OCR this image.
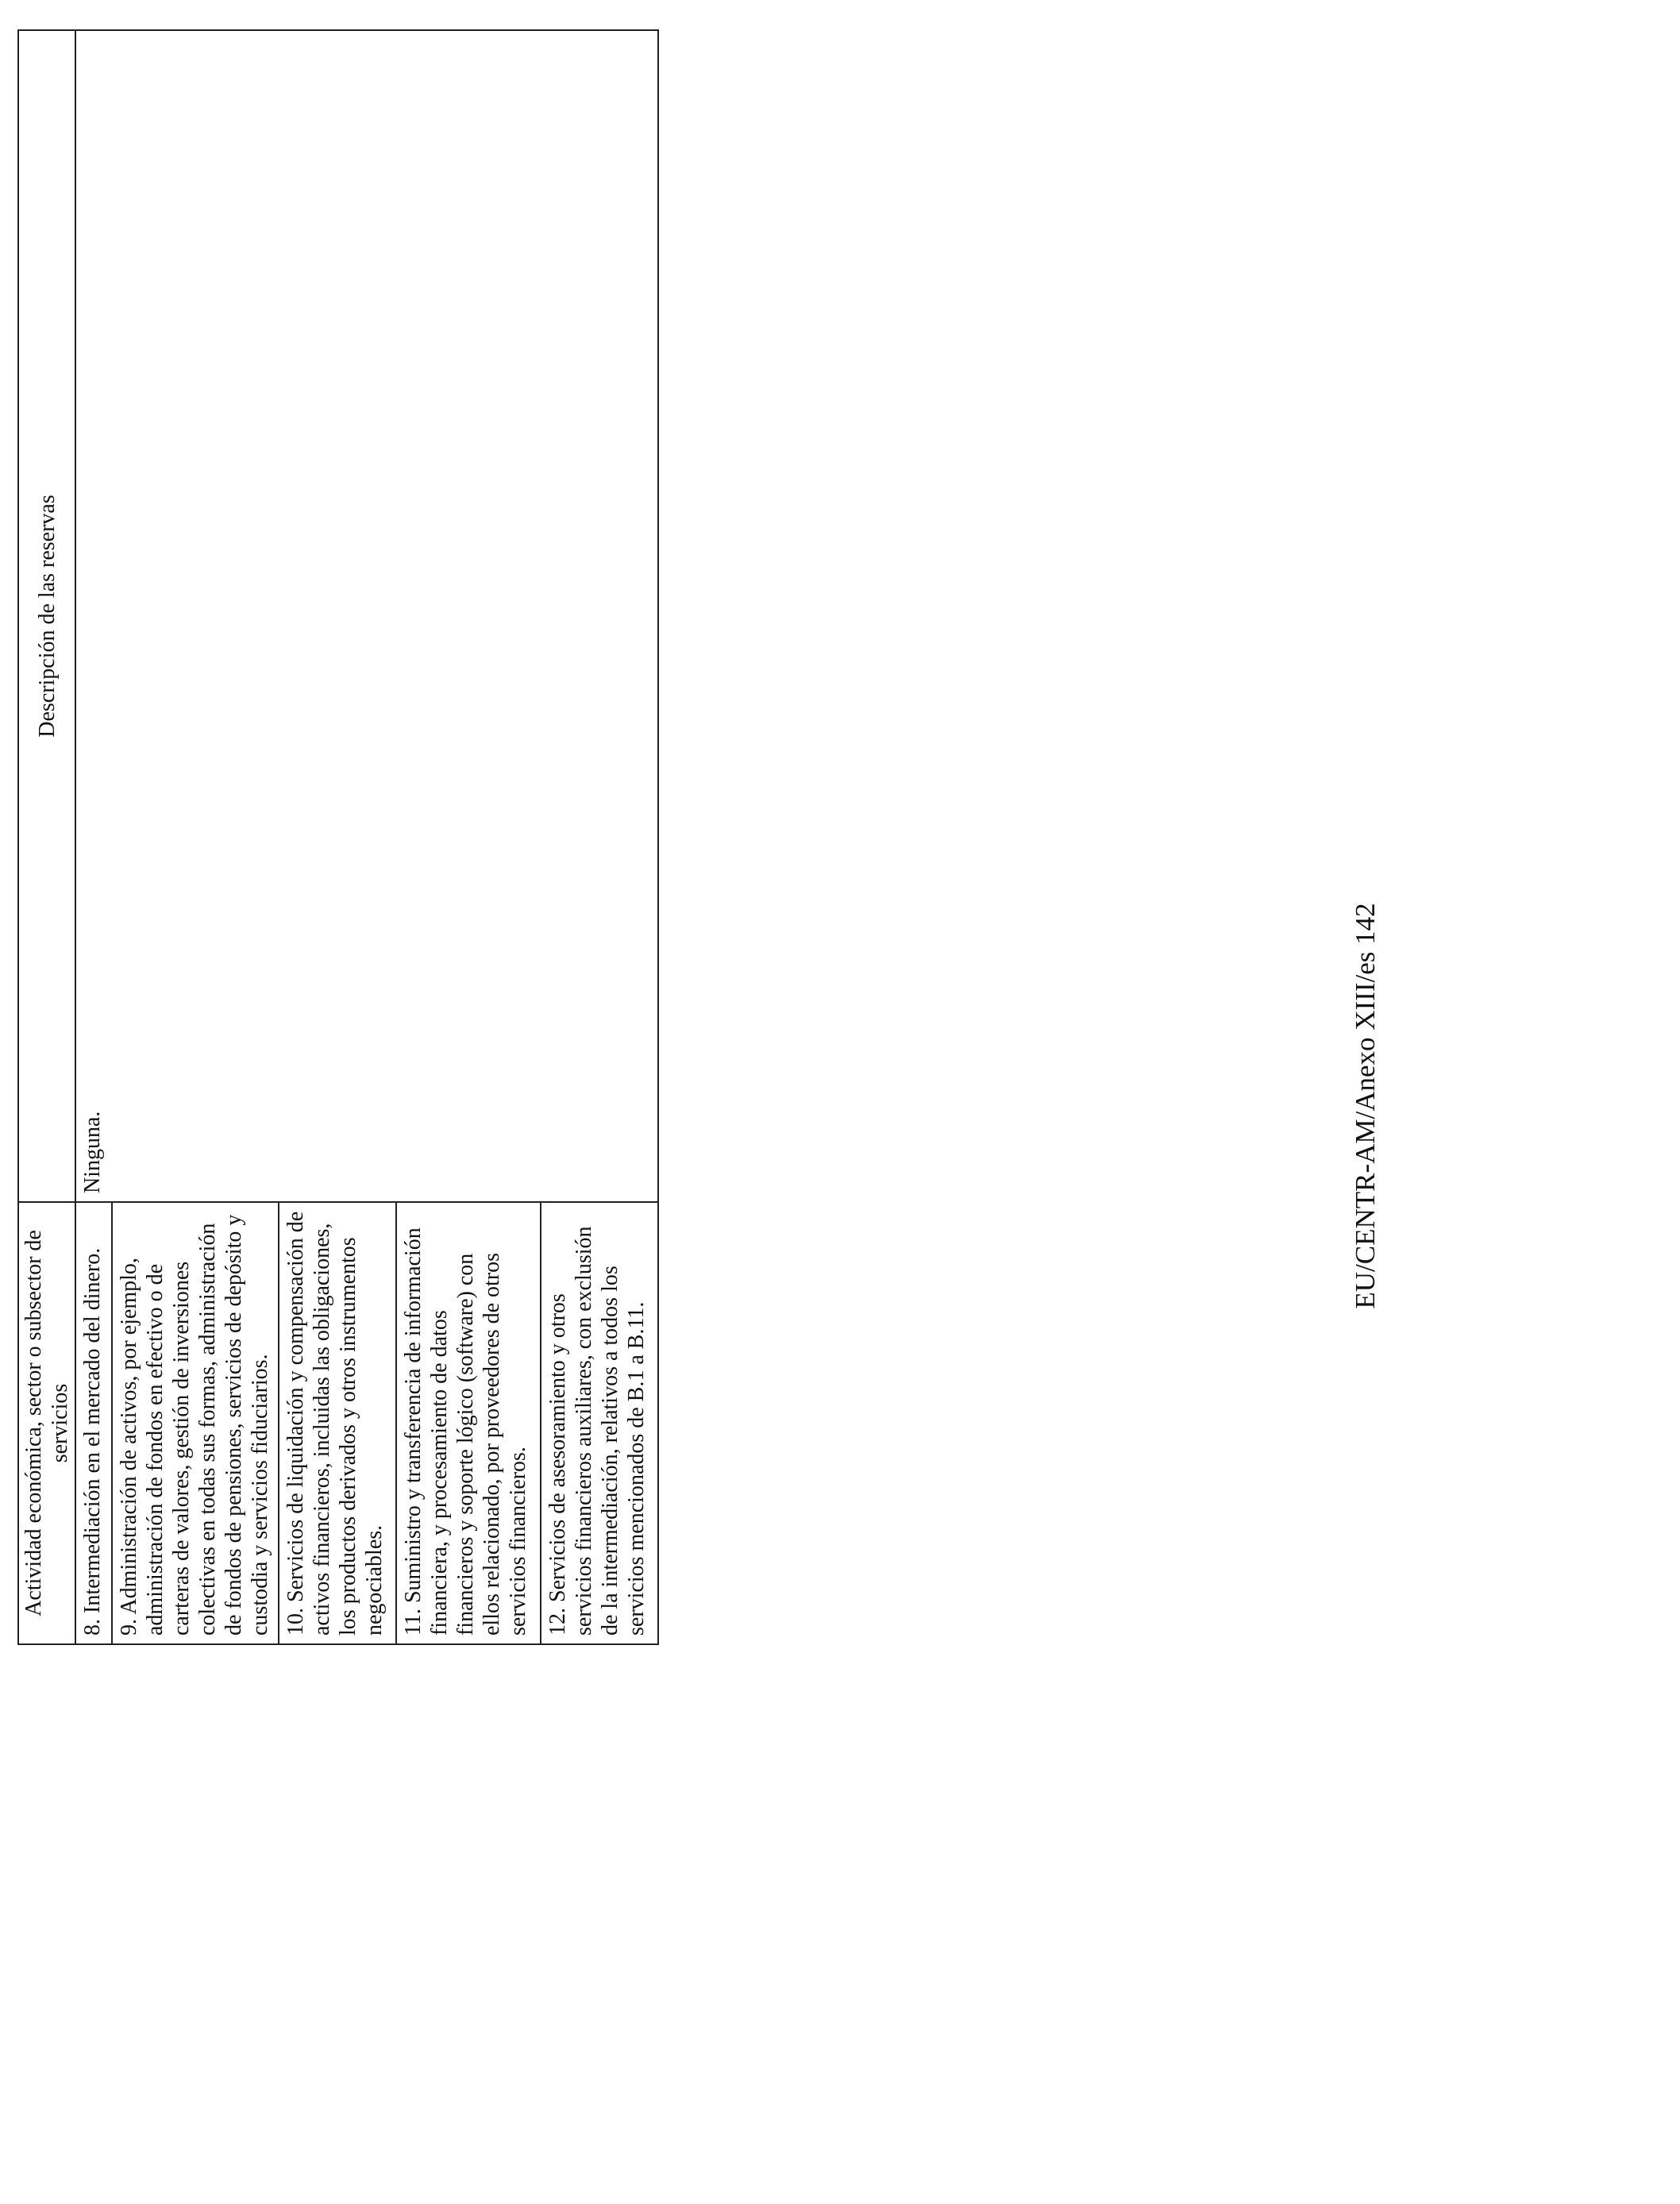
Actividad económica, sector o subsector de servicios	Descripción de las reservas
8. Intermediación en el mercado del dinero.	Ninguna.
9. Administración de activos, por ejemplo, administración de fondos en efectivo o de carteras de valores, gestión de inversiones colectivas en todas sus formas, administración de fondos de pensiones, servicios de depósito y custodia y servicios fiduciarios.	
10. Servicios de liquidación y compensación de activos financieros, incluidas las obligaciones, los productos derivados y otros instrumentos negociables.	
11. Suministro y transferencia de información financiera, y procesamiento de datos financieros y soporte lógico (software) con ellos relacionado, por proveedores de otros servicios financieros.	
12. Servicios de asesoramiento y otros servicios financieros auxiliares, con exclusión de la intermediación, relativos a todos los servicios mencionados de B.1 a B.11.	
EU/CENTR-AM/Anexo XIII/es 142
